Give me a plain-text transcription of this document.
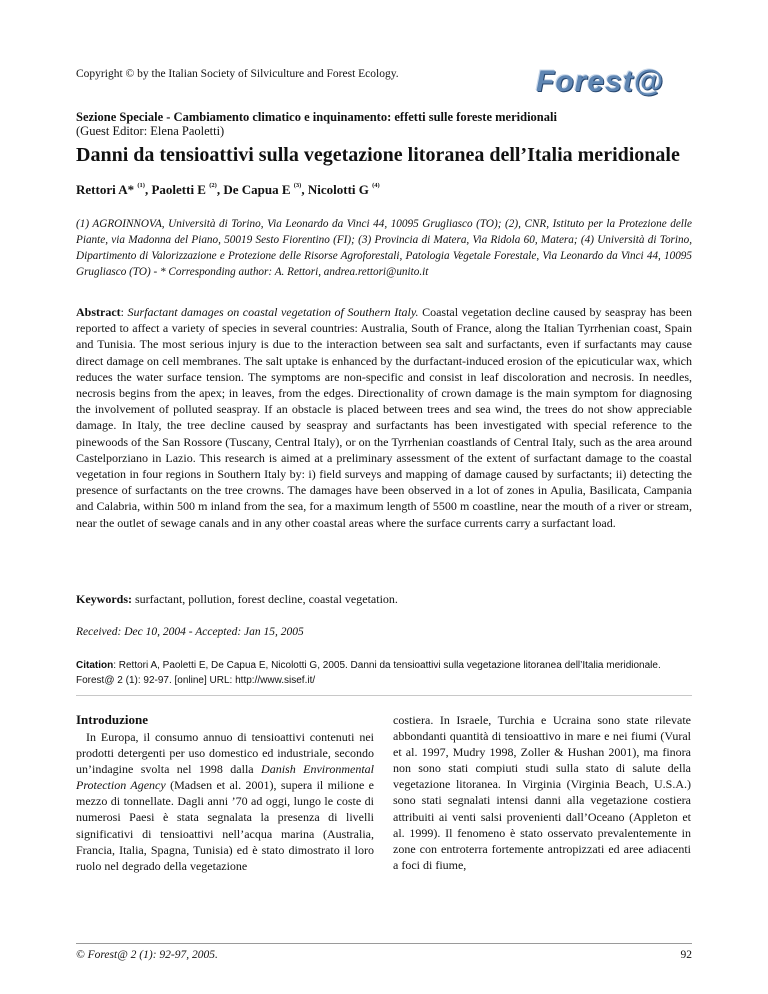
Copyright © by the Italian Society of Silviculture and Forest Ecology.	Forest@
Sezione Speciale - Cambiamento climatico e inquinamento: effetti sulle foreste meridionali
(Guest Editor: Elena Paoletti)
Danni da tensioattivi sulla vegetazione litoranea dell’Italia meridionale
Rettori A* $^{(1)}$, Paoletti E $^{(2)}$, De Capua E $^{(3)}$, Nicolotti G $^{(4)}$
(1) AGROINNOVA, Università di Torino, Via Leonardo da Vinci 44, 10095 Grugliasco (TO); (2), CNR, Istituto per la Protezione delle Piante, via Madonna del Piano, 50019 Sesto Fiorentino (FI); (3) Provincia di Matera, Via Ridola 60, Matera; (4) Università di Torino, Dipartimento di Valorizzazione e Protezione delle Risorse Agroforestali, Patologia Vegetale Forestale, Via Leonardo da Vinci 44, 10095 Grugliasco (TO) - * Corresponding author: A. Rettori, andrea.rettori@unito.it
Abstract: Surfactant damages on coastal vegetation of Southern Italy. Coastal vegetation decline caused by seaspray has been reported to affect a variety of species in several countries: Australia, South of France, along the Italian Tyrrhenian coast, Spain and Tunisia. The most serious injury is due to the interaction between sea salt and surfactants, even if surfactants may cause direct damage on cell membranes. The salt uptake is enhanced by the durfactant-induced erosion of the epicuticular wax, which reduces the water surface tension. The symptoms are non-specific and consist in leaf discoloration and necrosis. In needles, necrosis begins from the apex; in leaves, from the edges. Directionality of crown damage is the main symptom for diagnosing the involvement of polluted seaspray. If an obstacle is placed between trees and sea wind, the trees do not show appreciable damage. In Italy, the tree decline caused by seaspray and surfactants has been investigated with special reference to the pinewoods of the San Rossore (Tuscany, Central Italy), or on the Tyrrhenian coastlands of Central Italy, such as the area around Castelporziano in Lazio. This research is aimed at a preliminary assessment of the extent of surfactant damage to the coastal vegetation in four regions in Southern Italy by: i) field surveys and mapping of damage caused by surfactants; ii) detecting the presence of surfactants on the tree crowns. The damages have been observed in a lot of zones in Apulia, Basilicata, Campania and Calabria, within 500 m inland from the sea, for a maximum length of 5500 m coastline, near the mouth of a river or stream, near the outlet of sewage canals and in any other coastal areas where the surface currents carry a surfactant load.
Keywords: surfactant, pollution, forest decline, coastal vegetation.
Received: Dec 10, 2004 - Accepted: Jan 15, 2005
Citation: Rettori A, Paoletti E, De Capua E, Nicolotti G, 2005. Danni da tensioattivi sulla vegetazione litoranea dell’Italia meridionale. Forest@ 2 (1): 92-97. [online] URL: http://www.sisef.it/
Introduzione

In Europa, il consumo annuo di tensioattivi contenuti nei prodotti detergenti per uso domestico ed industriale, secondo un’indagine svolta nel 1998 dalla Danish Environmental Protection Agency (Madsen et al. 2001), supera il milione e mezzo di tonnellate. Dagli anni ’70 ad oggi, lungo le coste di numerosi Paesi è stata segnalata la presenza di livelli significativi di tensioattivi nell’acqua marina (Australia, Francia, Italia, Spagna, Tunisia) ed è stato dimostrato il loro ruolo nel degrado della vegetazione

costiera. In Israele, Turchia e Ucraina sono state rilevate abbondanti quantità di tensioattivo in mare e nei fiumi (Vural et al. 1997, Mudry 1998, Zoller & Hushan 2001), ma finora non sono stati compiuti studi sulla stato di salute della vegetazione litoranea. In Virginia (Virginia Beach, U.S.A.) sono stati segnalati intensi danni alla vegetazione costiera attribuiti ai venti salsi provenienti dall’Oceano (Appleton et al. 1999). Il fenomeno è stato osservato prevalentemente in zone con entroterra fortemente antropizzati ed aree adiacenti a foci di fiume,

© Forest@ 2 (1): 92-97, 2005.	92
